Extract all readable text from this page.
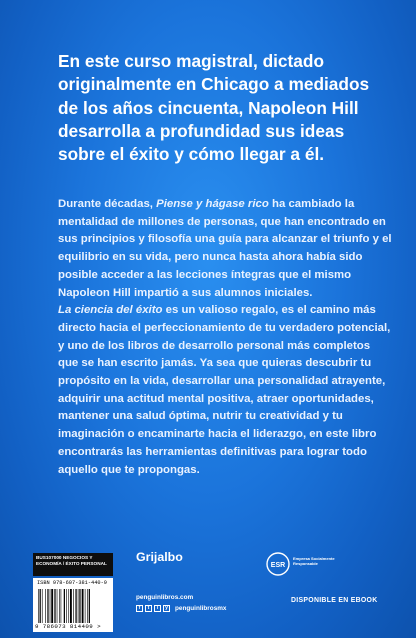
En este curso magistral, dictado originalmente en Chicago a mediados de los años cincuenta, Napoleon Hill desarrolla a profundidad sus ideas sobre el éxito y cómo llegar a él.

Durante décadas, Piense y hágase rico ha cambiado la mentalidad de millones de personas, que han encontrado en sus principios y filosofía una guía para alcanzar el triunfo y el equilibrio en su vida, pero nunca hasta ahora había sido posible acceder a las lecciones íntegras que el mismo Napoleon Hill impartió a sus alumnos iniciales.
La ciencia del éxito es un valioso regalo, es el camino más directo hacia el perfeccionamiento de tu verdadero potencial, y uno de los libros de desarrollo personal más completos que se han escrito jamás. Ya sea que quieras descubrir tu propósito en la vida, desarrollar una personalidad atrayente, adquirir una actitud mental positiva, atraer oportunidades, mantener una salud óptima, nutrir tu creatividad y tu imaginación o encaminarte hacia el liderazgo, en este libro encontrarás las herramientas definitivas para lograr todo aquello que te propongas.

BUS107000 NEGOCIOS Y ECONOMÍA / ÉXITO PERSONAL
ISBN 978-607-381-440-9
9 786073 814409 >
Grijalbo
penguinlibros.com
f	t	i	y	penguinlibrosmx
ESR
Empresa Socialmente Responsable
DISPONIBLE EN EBOOK
